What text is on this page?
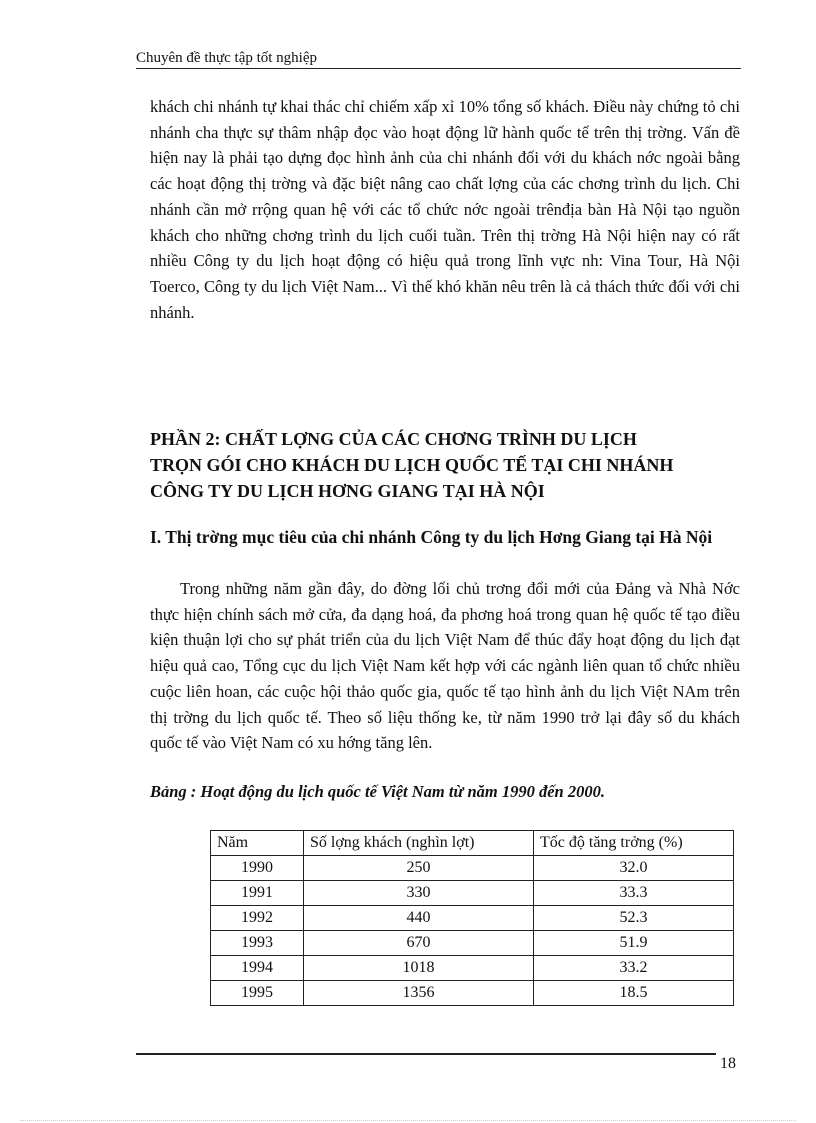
Chuyên đề thực tập tốt nghiệp

khách chi nhánh tự khai thác chỉ chiếm xấp xỉ 10% tổng số khách. Điều này chứng tỏ chi nhánh cha thực sự thâm nhập đọc vào hoạt động lữ hành quốc tế trên thị trờng. Vấn đề hiện nay là phải tạo dựng đọc hình ảnh của chi nhánh đối với du khách nớc ngoài bằng các hoạt động thị trờng và đặc biệt nâng cao chất lợng của các chơng trình du lịch. Chi nhánh cần mở rrộng quan hệ với các tổ chức nớc ngoài trênđịa bàn Hà Nội tạo nguồn khách cho những chơng trình du lịch cuối tuần. Trên thị trờng Hà Nội hiện nay có rất nhiều Công ty du lịch hoạt động có hiệu quả trong lĩnh vực nh: Vina Tour, Hà Nội Toerco, Công ty du lịch Việt Nam... Vì thế khó khăn nêu trên là cả thách thức đối với chi nhánh.

PHẦN 2: CHẤT LỢNG CỦA CÁC CHƠNG TRÌNH DU LỊCH
TRỌN GÓI CHO KHÁCH DU LỊCH QUỐC TẾ TẠI CHI NHÁNH
CÔNG TY DU LỊCH HƠNG GIANG TẠI HÀ NỘI

I. Thị trờng mục tiêu của chi nhánh Công ty du lịch Hơng Giang tại Hà Nội

Trong những năm gần đây, do đờng lối chủ trơng đổi mới của Đảng và Nhà Nớc thực hiện chính sách mở cửa, đa dạng hoá, đa phơng hoá trong quan hệ quốc tế tạo điều kiện thuận lợi cho sự phát triển của du lịch Việt Nam để thúc đẩy hoạt động du lịch đạt hiệu quả cao, Tổng cục du lịch Việt Nam kết hợp với các ngành liên quan tổ chức nhiều cuộc liên hoan, các cuộc hội thảo quốc gia, quốc tế tạo hình ảnh du lịch Việt NAm trên thị trờng du lịch quốc tế. Theo số liệu thống ke, từ năm 1990 trở lại đây số du khách quốc tế vào Việt Nam có xu hớng tăng lên.

Bảng : Hoạt động du lịch quốc tế Việt Nam từ năm 1990 đến 2000.

Năm	Số lợng khách (nghìn lợt)	Tốc độ tăng trởng (%)
1990	250	32.0
1991	330	33.3
1992	440	52.3
1993	670	51.9
1994	1018	33.2
1995	1356	18.5
18
